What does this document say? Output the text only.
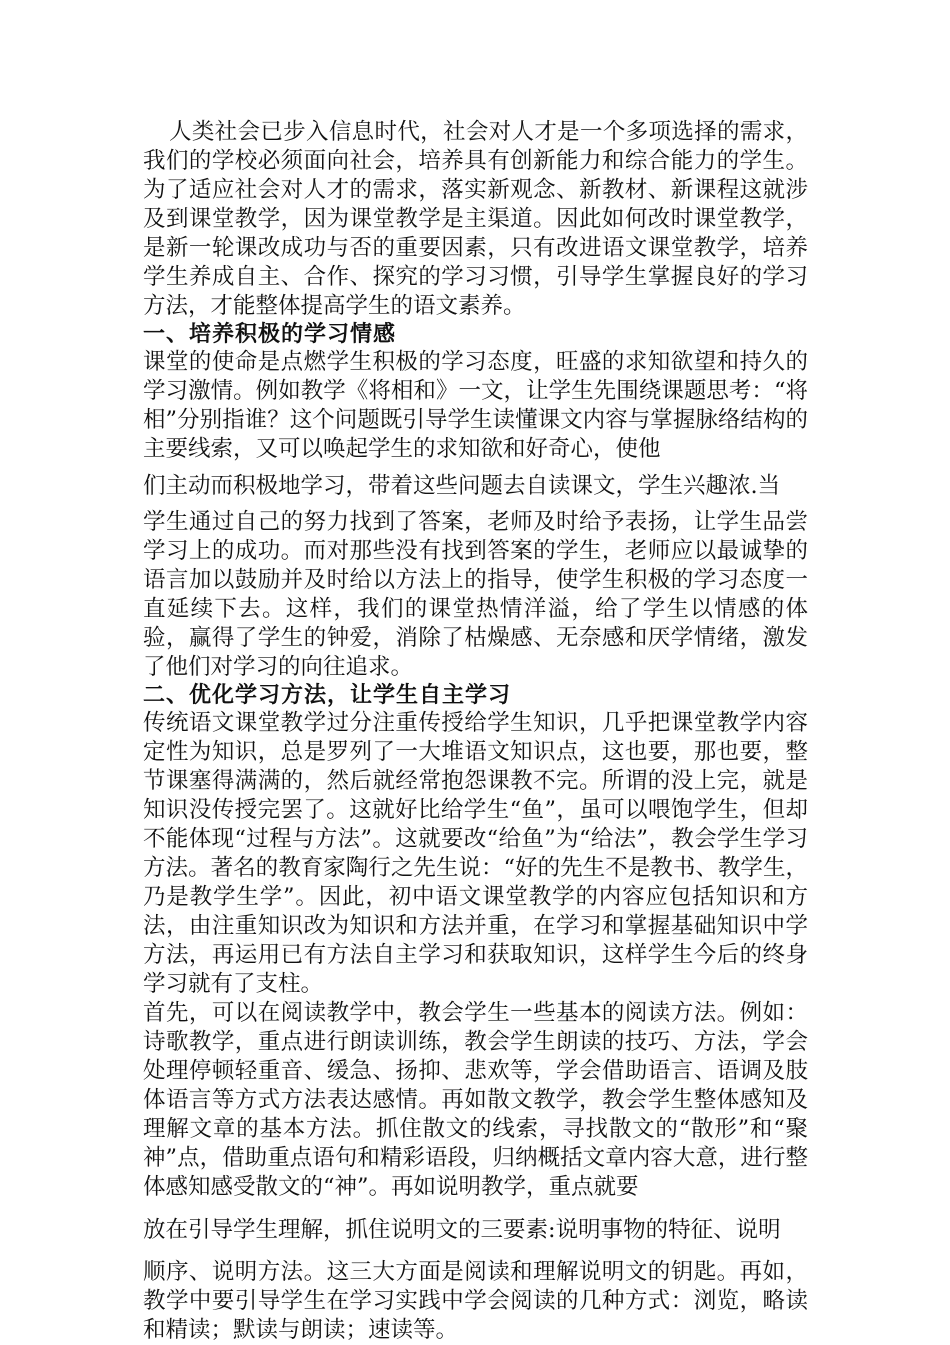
人类社会已步入信息时代，社会对人才是一个多项选择的需求，我们的学校必须面向社会，培养具有创新能力和综合能力的学生。为了适应社会对人才的需求，落实新观念、新教材、新课程这就涉及到课堂教学，因为课堂教学是主渠道。因此如何改时课堂教学，是新一轮课改成功与否的重要因素，只有改进语文课堂教学，培养学生养成自主、合作、探究的学习习惯，引导学生掌握良好的学习方法，才能整体提高学生的语文素养。

一、培养积极的学习情感

课堂的使命是点燃学生积极的学习态度，旺盛的求知欲望和持久的学习激情。例如教学《将相和》一文，让学生先围绕课题思考：“将相”分别指谁？这个问题既引导学生读懂课文内容与掌握脉络结构的主要线索，又可以唤起学生的求知欲和好奇心，使他

们主动而积极地学习，带着这些问题去自读课文，学生兴趣浓.当

学生通过自己的努力找到了答案，老师及时给予表扬，让学生品尝学习上的成功。而对那些没有找到答案的学生，老师应以最诚挚的语言加以鼓励并及时给以方法上的指导，使学生积极的学习态度一直延续下去。这样，我们的课堂热情洋溢，给了学生以情感的体验，赢得了学生的钟爱，消除了枯燥感、无奈感和厌学情绪，激发了他们对学习的向往追求。

二、优化学习方法，让学生自主学习

传统语文课堂教学过分注重传授给学生知识，几乎把课堂教学内容定性为知识，总是罗列了一大堆语文知识点，这也要，那也要，整节课塞得满满的，然后就经常抱怨课教不完。所谓的没上完，就是知识没传授完罢了。这就好比给学生“鱼”，虽可以喂饱学生，但却不能体现“过程与方法”。这就要改“给鱼”为“给法”，教会学生学习方法。著名的教育家陶行之先生说：“好的先生不是教书、教学生，乃是教学生学”。因此，初中语文课堂教学的内容应包括知识和方法，由注重知识改为知识和方法并重，在学习和掌握基础知识中学方法，再运用已有方法自主学习和获取知识，这样学生今后的终身学习就有了支柱。

首先，可以在阅读教学中，教会学生一些基本的阅读方法。例如：诗歌教学，重点进行朗读训练，教会学生朗读的技巧、方法，学会处理停顿轻重音、缓急、扬抑、悲欢等，学会借助语言、语调及肢体语言等方式方法表达感情。再如散文教学，教会学生整体感知及理解文章的基本方法。抓住散文的线索，寻找散文的“散形”和“聚神”点，借助重点语句和精彩语段，归纳概括文章内容大意，进行整体感知感受散文的“神”。再如说明教学，重点就要

放在引导学生理解，抓住说明文的三要素:说明事物的特征、说明

顺序、说明方法。这三大方面是阅读和理解说明文的钥匙。再如，教学中要引导学生在学习实践中学会阅读的几种方式：浏览，略读和精读；默读与朗读；速读等。
